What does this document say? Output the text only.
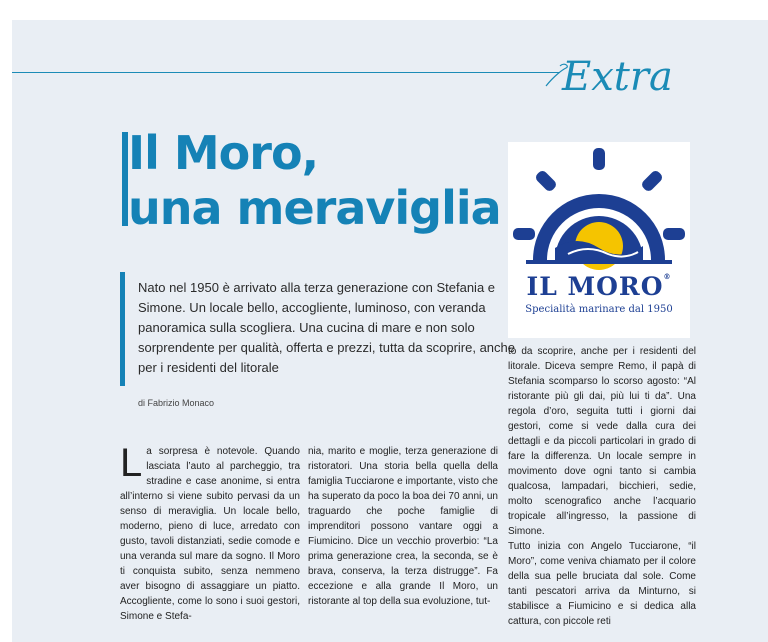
Extra
Il Moro,
una meraviglia
IL MORO®
Specialità marinare dal 1950
Nato nel 1950 è arrivato alla terza generazione con Stefania e Simone. Un locale bello, accogliente, luminoso, con veranda panoramica sulla scogliera. Una cucina di mare e non solo sorprendente per qualità, offerta e prezzi, tutta da scoprire, anche per i residenti del litorale
di Fabrizio Monaco
L a sorpresa è notevole. Quando lasciata l’auto al parcheggio, tra stradine e case anonime, si entra all’interno si viene subito pervasi da un senso di meraviglia. Un locale bello, moderno, pieno di luce, arredato con gusto, tavoli distanziati, sedie comode e una veranda sul mare da sogno. Il Moro ti conquista subito, senza nemmeno aver bisogno di assaggiare un piatto. Accogliente, come lo sono i suoi gestori, Simone e Stefa-

nia, marito e moglie, terza generazione di ristoratori. Una storia bella quella della famiglia Tucciarone e importante, visto che ha superato da poco la boa dei 70 anni, un traguardo che poche famiglie di imprenditori possono vantare oggi a Fiumicino. Dice un vecchio proverbio: “La prima generazione crea, la seconda, se è brava, conserva, la terza distrugge”. Fa eccezione e alla grande Il Moro, un ristorante al top della sua evoluzione, tut-

to da scoprire, anche per i residenti del litorale. Diceva sempre Remo, il papà di Stefania scomparso lo scorso agosto: “Al ristorante più gli dai, più lui ti da”. Una regola d’oro, seguita tutti i giorni dai gestori, come si vede dalla cura dei dettagli e da piccoli particolari in grado di fare la differenza. Un locale sempre in movimento dove ogni tanto si cambia qualcosa, lampadari, bicchieri, sedie, molto scenografico anche l’acquario tropicale all’ingresso, la passione di Simone.

Tutto inizia con Angelo Tucciarone, “il Moro”, come veniva chiamato per il colore della sua pelle bruciata dal sole. Come tanti pescatori arriva da Minturno, si stabilisce a Fiumicino e si dedica alla cattura, con piccole reti
